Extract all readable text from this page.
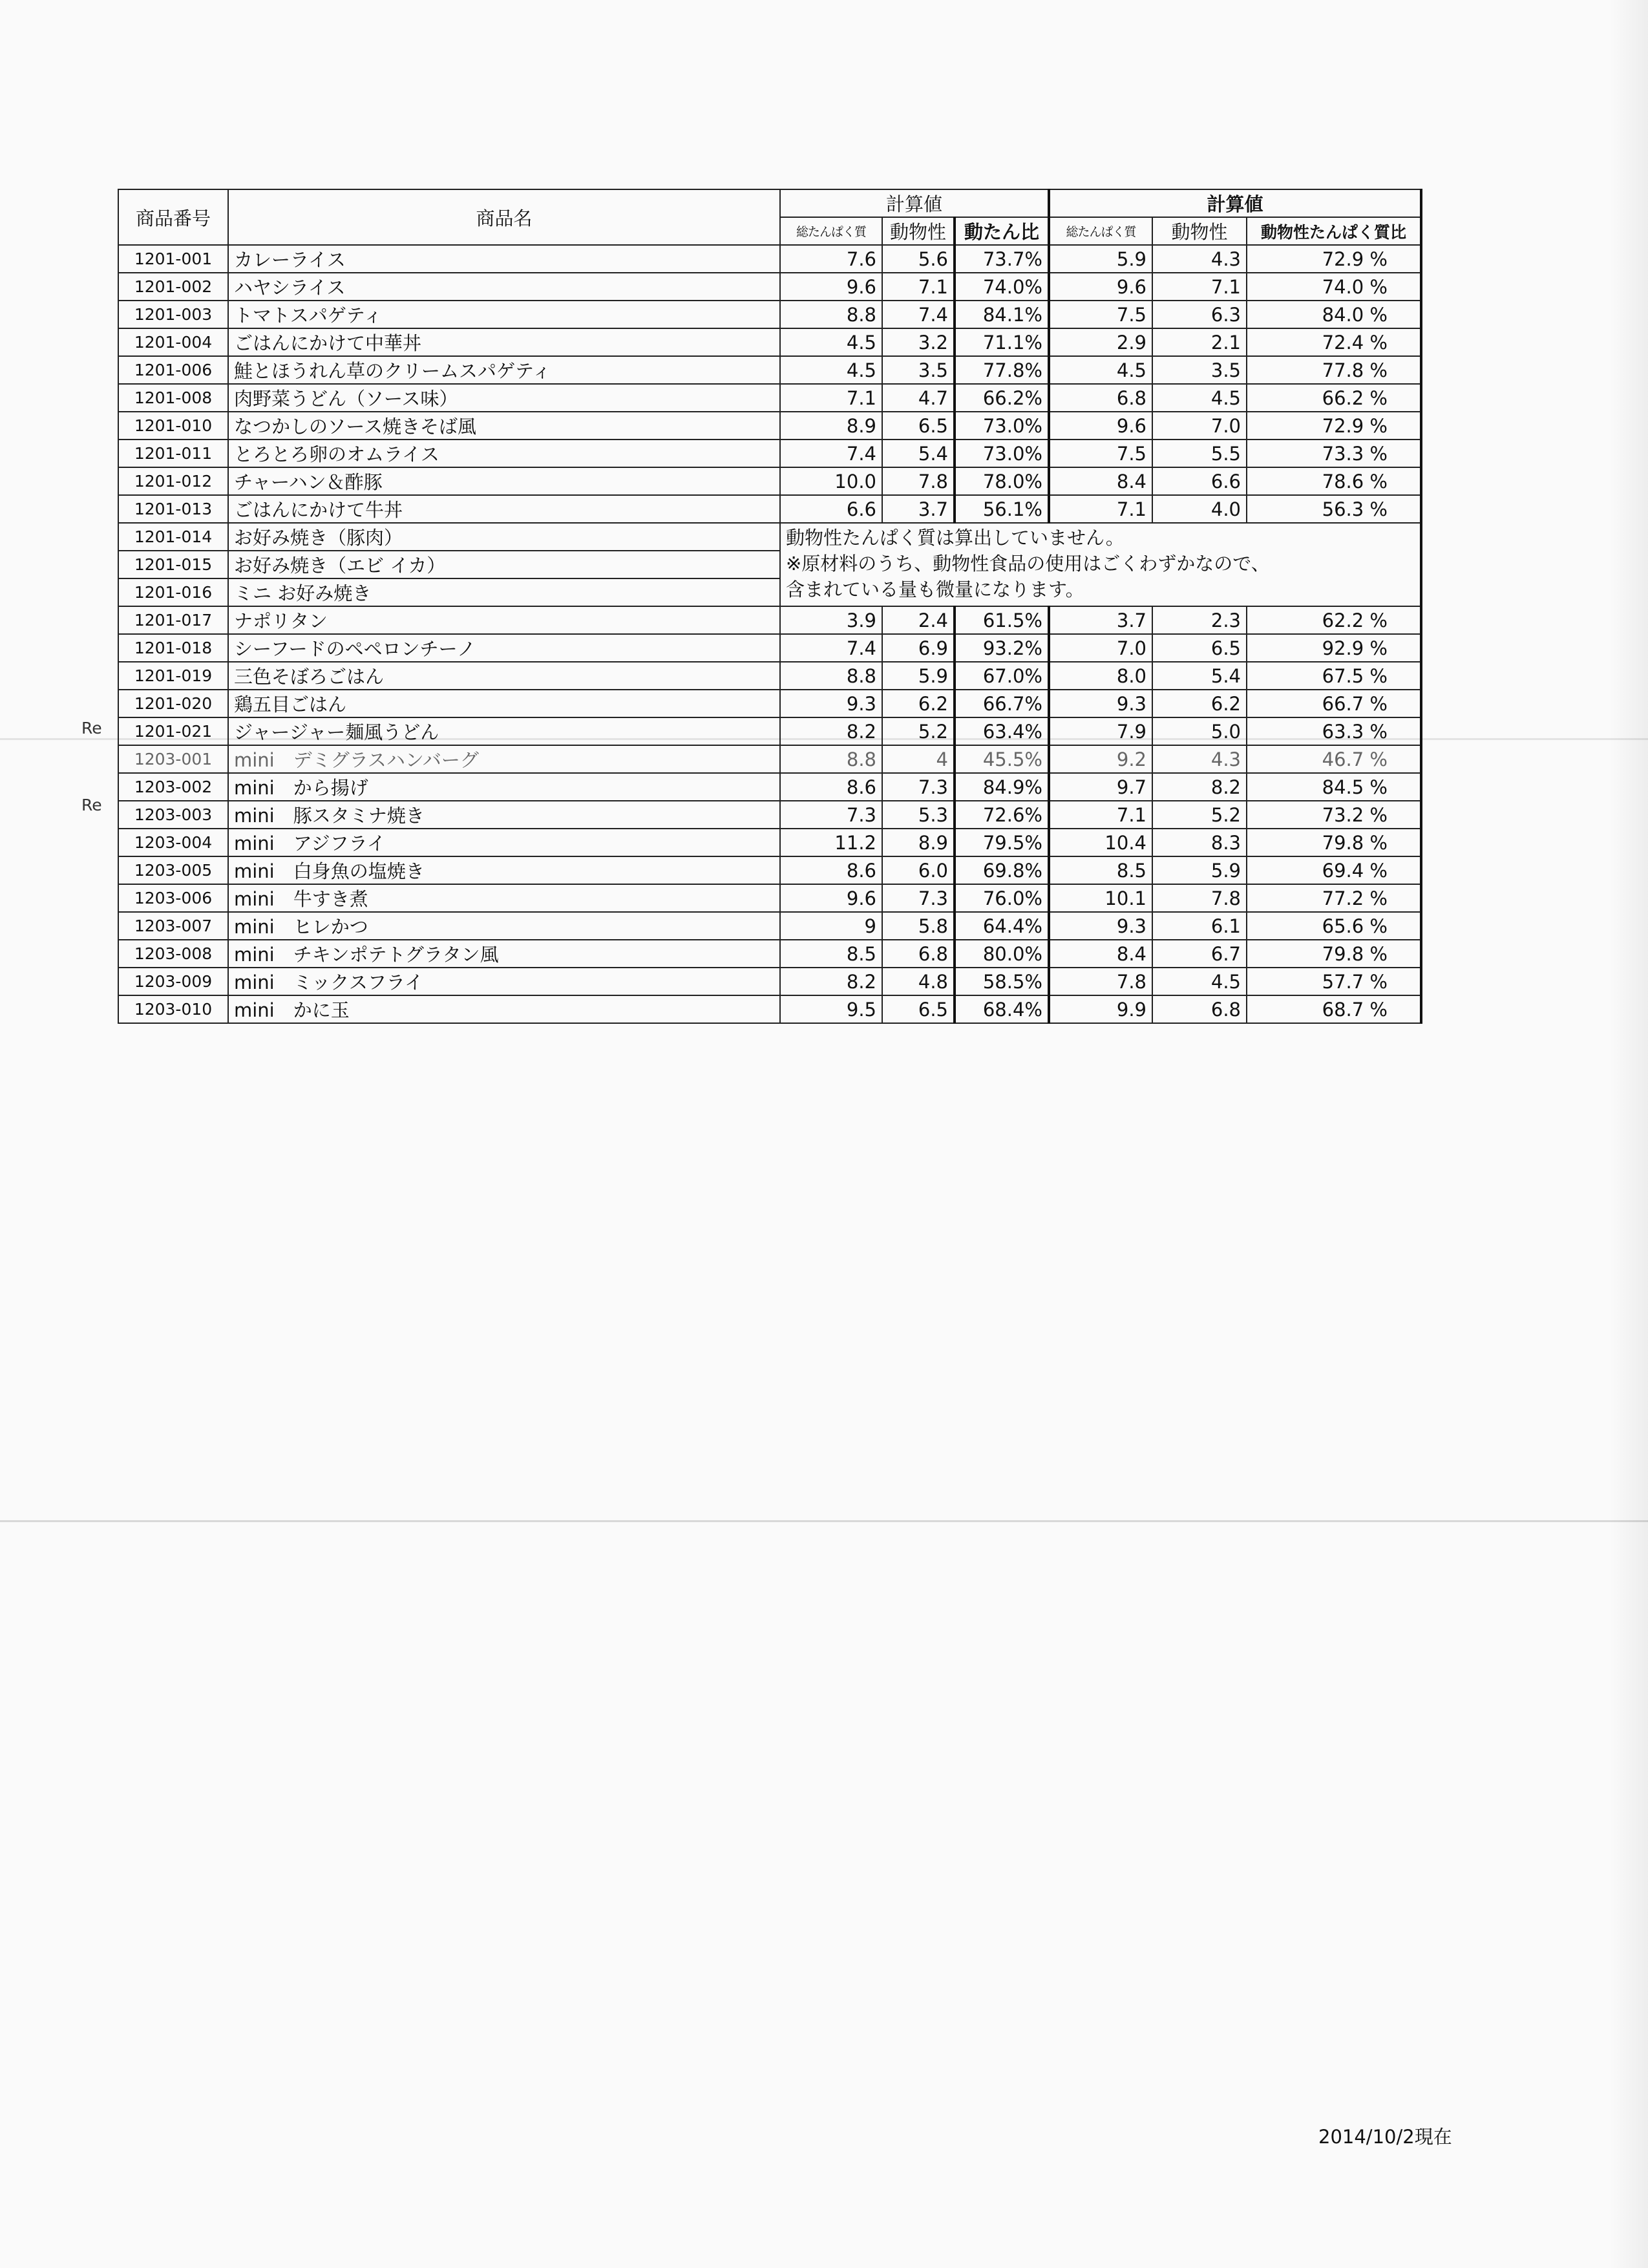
商品番号	商品名	計算値			計算値		
		総たんぱく質	動物性	動たん比	総たんぱく質	動物性	動物性たんぱく質比
1201-001	カレーライス	7.6	5.6	73.7%	5.9	4.3	72.9 %
1201-002	ハヤシライス	9.6	7.1	74.0%	9.6	7.1	74.0 %
1201-003	トマトスパゲティ	8.8	7.4	84.1%	7.5	6.3	84.0 %
1201-004	ごはんにかけて中華丼	4.5	3.2	71.1%	2.9	2.1	72.4 %
1201-006	鮭とほうれん草のクリームスパゲティ	4.5	3.5	77.8%	4.5	3.5	77.8 %
1201-008	肉野菜うどん（ソース味）	7.1	4.7	66.2%	6.8	4.5	66.2 %
1201-010	なつかしのソース焼きそば風	8.9	6.5	73.0%	9.6	7.0	72.9 %
1201-011	とろとろ卵のオムライス	7.4	5.4	73.0%	7.5	5.5	73.3 %
1201-012	チャーハン＆酢豚	10.0	7.8	78.0%	8.4	6.6	78.6 %
1201-013	ごはんにかけて牛丼	6.6	3.7	56.1%	7.1	4.0	56.3 %
1201-014	お好み焼き（豚肉）	動物性たんぱく質は算出していません。
※原材料のうち、動物性食品の使用はごくわずかなので、
含まれている量も微量になります。					

1201-015	お好み焼き（エビ イカ）						
1201-016	ミニ お好み焼き						
1201-017	ナポリタン	3.9	2.4	61.5%	3.7	2.3	62.2 %
1201-018	シーフードのペペロンチーノ	7.4	6.9	93.2%	7.0	6.5	92.9 %
1201-019	三色そぼろごはん	8.8	5.9	67.0%	8.0	5.4	67.5 %
1201-020	鶏五目ごはん	9.3	6.2	66.7%	9.3	6.2	66.7 %
1201-021	ジャージャー麺風うどん	8.2	5.2	63.4%	7.9	5.0	63.3 %
1203-001	mini　デミグラスハンバーグ	8.8	4	45.5%	9.2	4.3	46.7 %
1203-002	mini　から揚げ	8.6	7.3	84.9%	9.7	8.2	84.5 %
1203-003	mini　豚スタミナ焼き	7.3	5.3	72.6%	7.1	5.2	73.2 %
1203-004	mini　アジフライ	11.2	8.9	79.5%	10.4	8.3	79.8 %
1203-005	mini　白身魚の塩焼き	8.6	6.0	69.8%	8.5	5.9	69.4 %
1203-006	mini　牛すき煮	9.6	7.3	76.0%	10.1	7.8	77.2 %
1203-007	mini　ヒレかつ	9	5.8	64.4%	9.3	6.1	65.6 %
1203-008	mini　チキンポテトグラタン風	8.5	6.8	80.0%	8.4	6.7	79.8 %
1203-009	mini　ミックスフライ	8.2	4.8	58.5%	7.8	4.5	57.7 %
1203-010	mini　かに玉	9.5	6.5	68.4%	9.9	6.8	68.7 %
Re
Re
2014/10/2現在
